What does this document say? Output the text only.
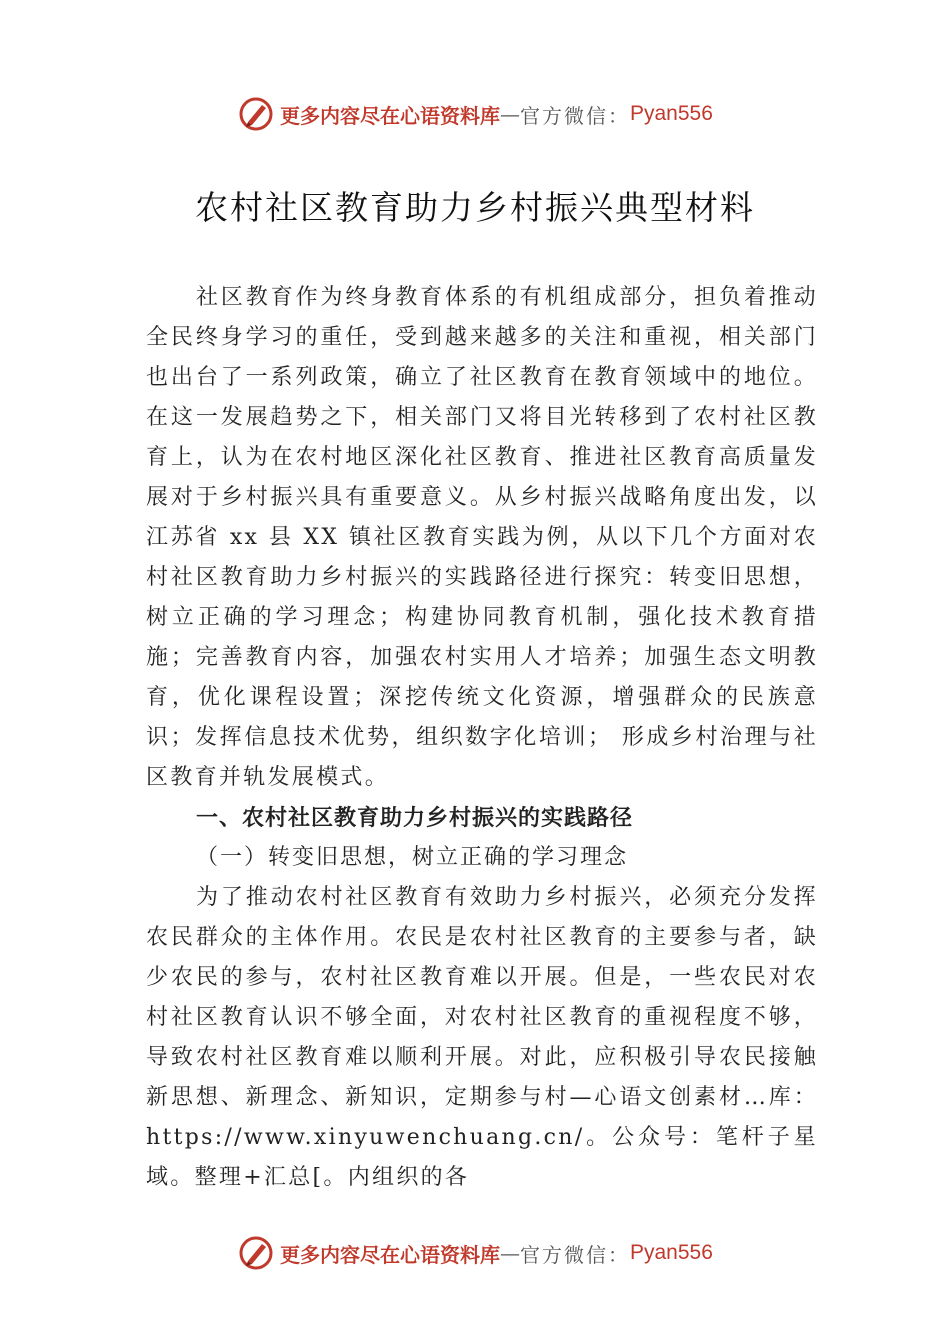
更多内容尽在心语资料库 — 官方微信： Pyan556
农村社区教育助力乡村振兴典型材料

社区教育作为终身教育体系的有机组成部分，担负着推动全民终身学习的重任，受到越来越多的关注和重视，相关部门也出台了一系列政策，确立了社区教育在教育领域中的地位。在这一发展趋势之下，相关部门又将目光转移到了农村社区教育上，认为在农村地区深化社区教育、推进社区教育高质量发展对于乡村振兴具有重要意义。从乡村振兴战略角度出发，以江苏省 xx 县 XX 镇社区教育实践为例，从以下几个方面对农村社区教育助力乡村振兴的实践路径进行探究：转变旧思想，树立正确的学习理念；构建协同教育机制，强化技术教育措施；完善教育内容，加强农村实用人才培养；加强生态文明教育，优化课程设置；深挖传统文化资源，增强群众的民族意识；发挥信息技术优势，组织数字化培训； 形成乡村治理与社区教育并轨发展模式。

一、农村社区教育助力乡村振兴的实践路径

（一）转变旧思想，树立正确的学习理念

为了推动农村社区教育有效助力乡村振兴，必须充分发挥农民群众的主体作用。农民是农村社区教育的主要参与者，缺少农民的参与，农村社区教育难以开展。但是，一些农民对农村社区教育认识不够全面，对农村社区教育的重视程度不够，导致农村社区教育难以顺利开展。对此，应积极引导农民接触新思想、新理念、新知识，定期参与村—心语文创素材…库：https://www.xinyuwenchuang.cn/。公众号：笔杆子星域。整理+汇总[。内组织的各

更多内容尽在心语资料库 — 官方微信： Pyan556
